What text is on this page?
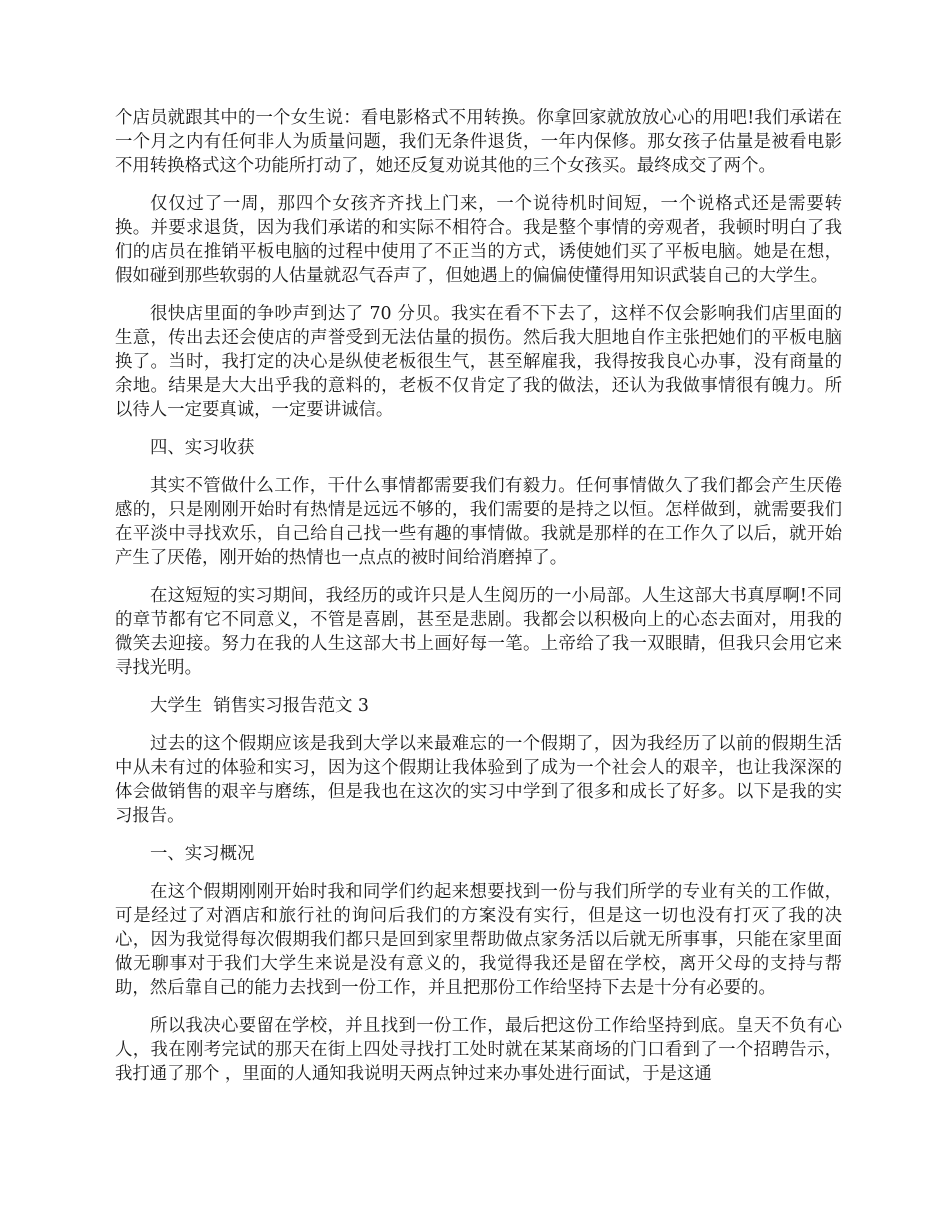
个店员就跟其中的一个女生说：看电影格式不用转换。你拿回家就放放心心的用吧!我们承诺在一个月之内有任何非人为质量问题，我们无条件退货，一年内保修。那女孩子估量是被看电影不用转换格式这个功能所打动了，她还反复劝说其他的三个女孩买。最终成交了两个。

仅仅过了一周，那四个女孩齐齐找上门来，一个说待机时间短，一个说格式还是需要转换。并要求退货，因为我们承诺的和实际不相符合。我是整个事情的旁观者，我顿时明白了我们的店员在推销平板电脑的过程中使用了不正当的方式，诱使她们买了平板电脑。她是在想，假如碰到那些软弱的人估量就忍气吞声了，但她遇上的偏偏使懂得用知识武装自己的大学生。

很快店里面的争吵声到达了 70 分贝。我实在看不下去了，这样不仅会影响我们店里面的生意，传出去还会使店的声誉受到无法估量的损伤。然后我大胆地自作主张把她们的平板电脑换了。当时，我打定的决心是纵使老板很生气，甚至解雇我，我得按我良心办事，没有商量的余地。结果是大大出乎我的意料的，老板不仅肯定了我的做法，还认为我做事情很有魄力。所以待人一定要真诚，一定要讲诚信。

四、实习收获

其实不管做什么工作，干什么事情都需要我们有毅力。任何事情做久了我们都会产生厌倦感的，只是刚刚开始时有热情是远远不够的，我们需要的是持之以恒。怎样做到，就需要我们在平淡中寻找欢乐，自己给自己找一些有趣的事情做。我就是那样的在工作久了以后，就开始产生了厌倦，刚开始的热情也一点点的被时间给消磨掉了。

在这短短的实习期间，我经历的或许只是人生阅历的一小局部。人生这部大书真厚啊!不同的章节都有它不同意义，不管是喜剧，甚至是悲剧。我都会以积极向上的心态去面对，用我的微笑去迎接。努力在我的人生这部大书上画好每一笔。上帝给了我一双眼睛，但我只会用它来寻找光明。

大学生  销售实习报告范文 3

过去的这个假期应该是我到大学以来最难忘的一个假期了，因为我经历了以前的假期生活中从未有过的体验和实习，因为这个假期让我体验到了成为一个社会人的艰辛，也让我深深的体会做销售的艰辛与磨练，但是我也在这次的实习中学到了很多和成长了好多。以下是我的实习报告。

一、实习概况

在这个假期刚刚开始时我和同学们约起来想要找到一份与我们所学的专业有关的工作做，可是经过了对酒店和旅行社的询问后我们的方案没有实行，但是这一切也没有打灭了我的决心，因为我觉得每次假期我们都只是回到家里帮助做点家务活以后就无所事事，只能在家里面做无聊事对于我们大学生来说是没有意义的，我觉得我还是留在学校，离开父母的支持与帮助，然后靠自己的能力去找到一份工作，并且把那份工作给坚持下去是十分有必要的。

所以我决心要留在学校，并且找到一份工作，最后把这份工作给坚持到底。皇天不负有心人，我在刚考完试的那天在街上四处寻找打工处时就在某某商场的门口看到了一个招聘告示，我打通了那个 ，里面的人通知我说明天两点钟过来办事处进行面试，于是这通
